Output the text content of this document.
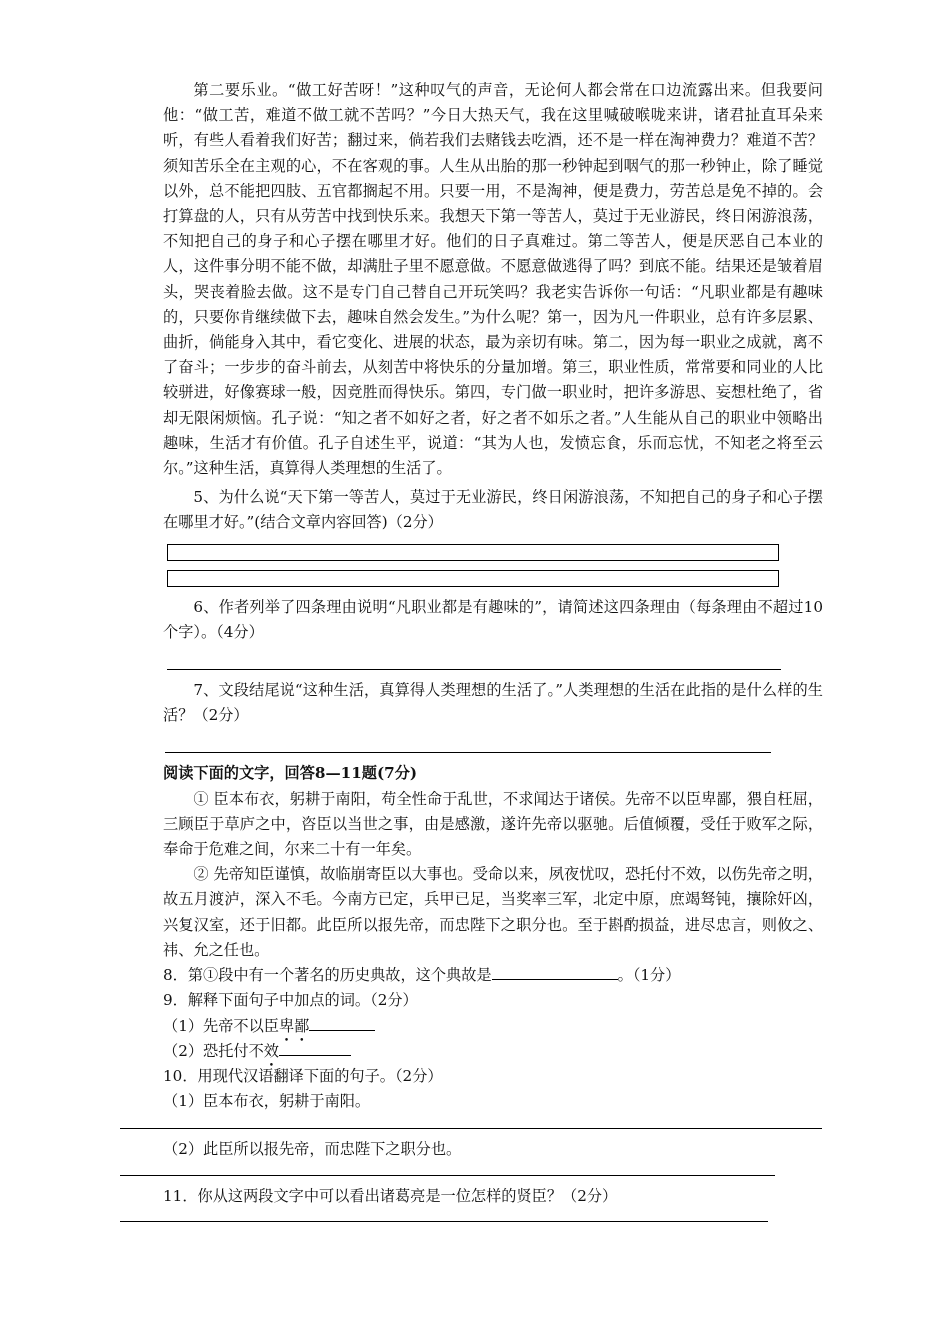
第二要乐业。“做工好苦呀！”这种叹气的声音，无论何人都会常在口边流露出来。但我要问他：“做工苦，难道不做工就不苦吗？”今日大热天气，我在这里喊破喉咙来讲，诸君扯直耳朵来听，有些人看着我们好苦；翻过来，倘若我们去赌钱去吃酒，还不是一样在淘神费力？难道不苦？须知苦乐全在主观的心，不在客观的事。人生从出胎的那一秒钟起到咽气的那一秒钟止，除了睡觉以外，总不能把四肢、五官都搁起不用。只要一用，不是淘神，便是费力，劳苦总是免不掉的。会打算盘的人，只有从劳苦中找到快乐来。我想天下第一等苦人，莫过于无业游民，终日闲游浪荡，不知把自己的身子和心子摆在哪里才好。他们的日子真难过。第二等苦人，便是厌恶自己本业的人，这件事分明不能不做，却满肚子里不愿意做。不愿意做逃得了吗？到底不能。结果还是皱着眉头，哭丧着脸去做。这不是专门自己替自己开玩笑吗？我老实告诉你一句话：“凡职业都是有趣味的，只要你肯继续做下去，趣味自然会发生。”为什么呢？第一，因为凡一件职业，总有许多层累、曲折，倘能身入其中，看它变化、进展的状态，最为亲切有味。第二，因为每一职业之成就，离不了奋斗；一步步的奋斗前去，从刻苦中将快乐的分量加增。第三，职业性质，常常要和同业的人比较骈进，好像赛球一般，因竞胜而得快乐。第四，专门做一职业时，把许多游思、妄想杜绝了，省却无限闲烦恼。孔子说：“知之者不如好之者，好之者不如乐之者。”人生能从自己的职业中领略出趣味，生活才有价值。孔子自述生平，说道：“其为人也，发愤忘食，乐而忘忧，不知老之将至云尔。”这种生活，真算得人类理想的生活了。

5、为什么说“天下第一等苦人，莫过于无业游民，终日闲游浪荡，不知把自己的身子和心子摆在哪里才好。”(结合文章内容回答)（2分）

6、作者列举了四条理由说明“凡职业都是有趣味的”，请简述这四条理由（每条理由不超过10个字）。（4分）

7、文段结尾说“这种生活，真算得人类理想的生活了。”人类理想的生活在此指的是什么样的生活？（2分）

阅读下面的文字，回答8—11题(7分)

① 臣本布衣，躬耕于南阳，苟全性命于乱世，不求闻达于诸侯。先帝不以臣卑鄙，猥自枉屈，三顾臣于草庐之中，咨臣以当世之事，由是感激，遂许先帝以驱驰。后值倾覆，受任于败军之际，奉命于危难之间，尔来二十有一年矣。

② 先帝知臣谨慎，故临崩寄臣以大事也。受命以来，夙夜忧叹，恐托付不效，以伤先帝之明，故五月渡泸，深入不毛。今南方已定，兵甲已足，当奖率三军，北定中原，庶竭驽钝，攘除奸凶，兴复汉室，还于旧都。此臣所以报先帝，而忠陛下之职分也。至于斟酌损益，进尽忠言，则攸之、祎、允之任也。

8．第①段中有一个著名的历史典故，这个典故是	。（1分）

9．解释下面句子中加点的词。（2分）

（1）先帝不以臣卑鄙

（2）恐托付不效

10．用现代汉语翻译下面的句子。（2分）

（1）臣本布衣，躬耕于南阳。

（2）此臣所以报先帝，而忠陛下之职分也。

11．你从这两段文字中可以看出诸葛亮是一位怎样的贤臣？（2分）
